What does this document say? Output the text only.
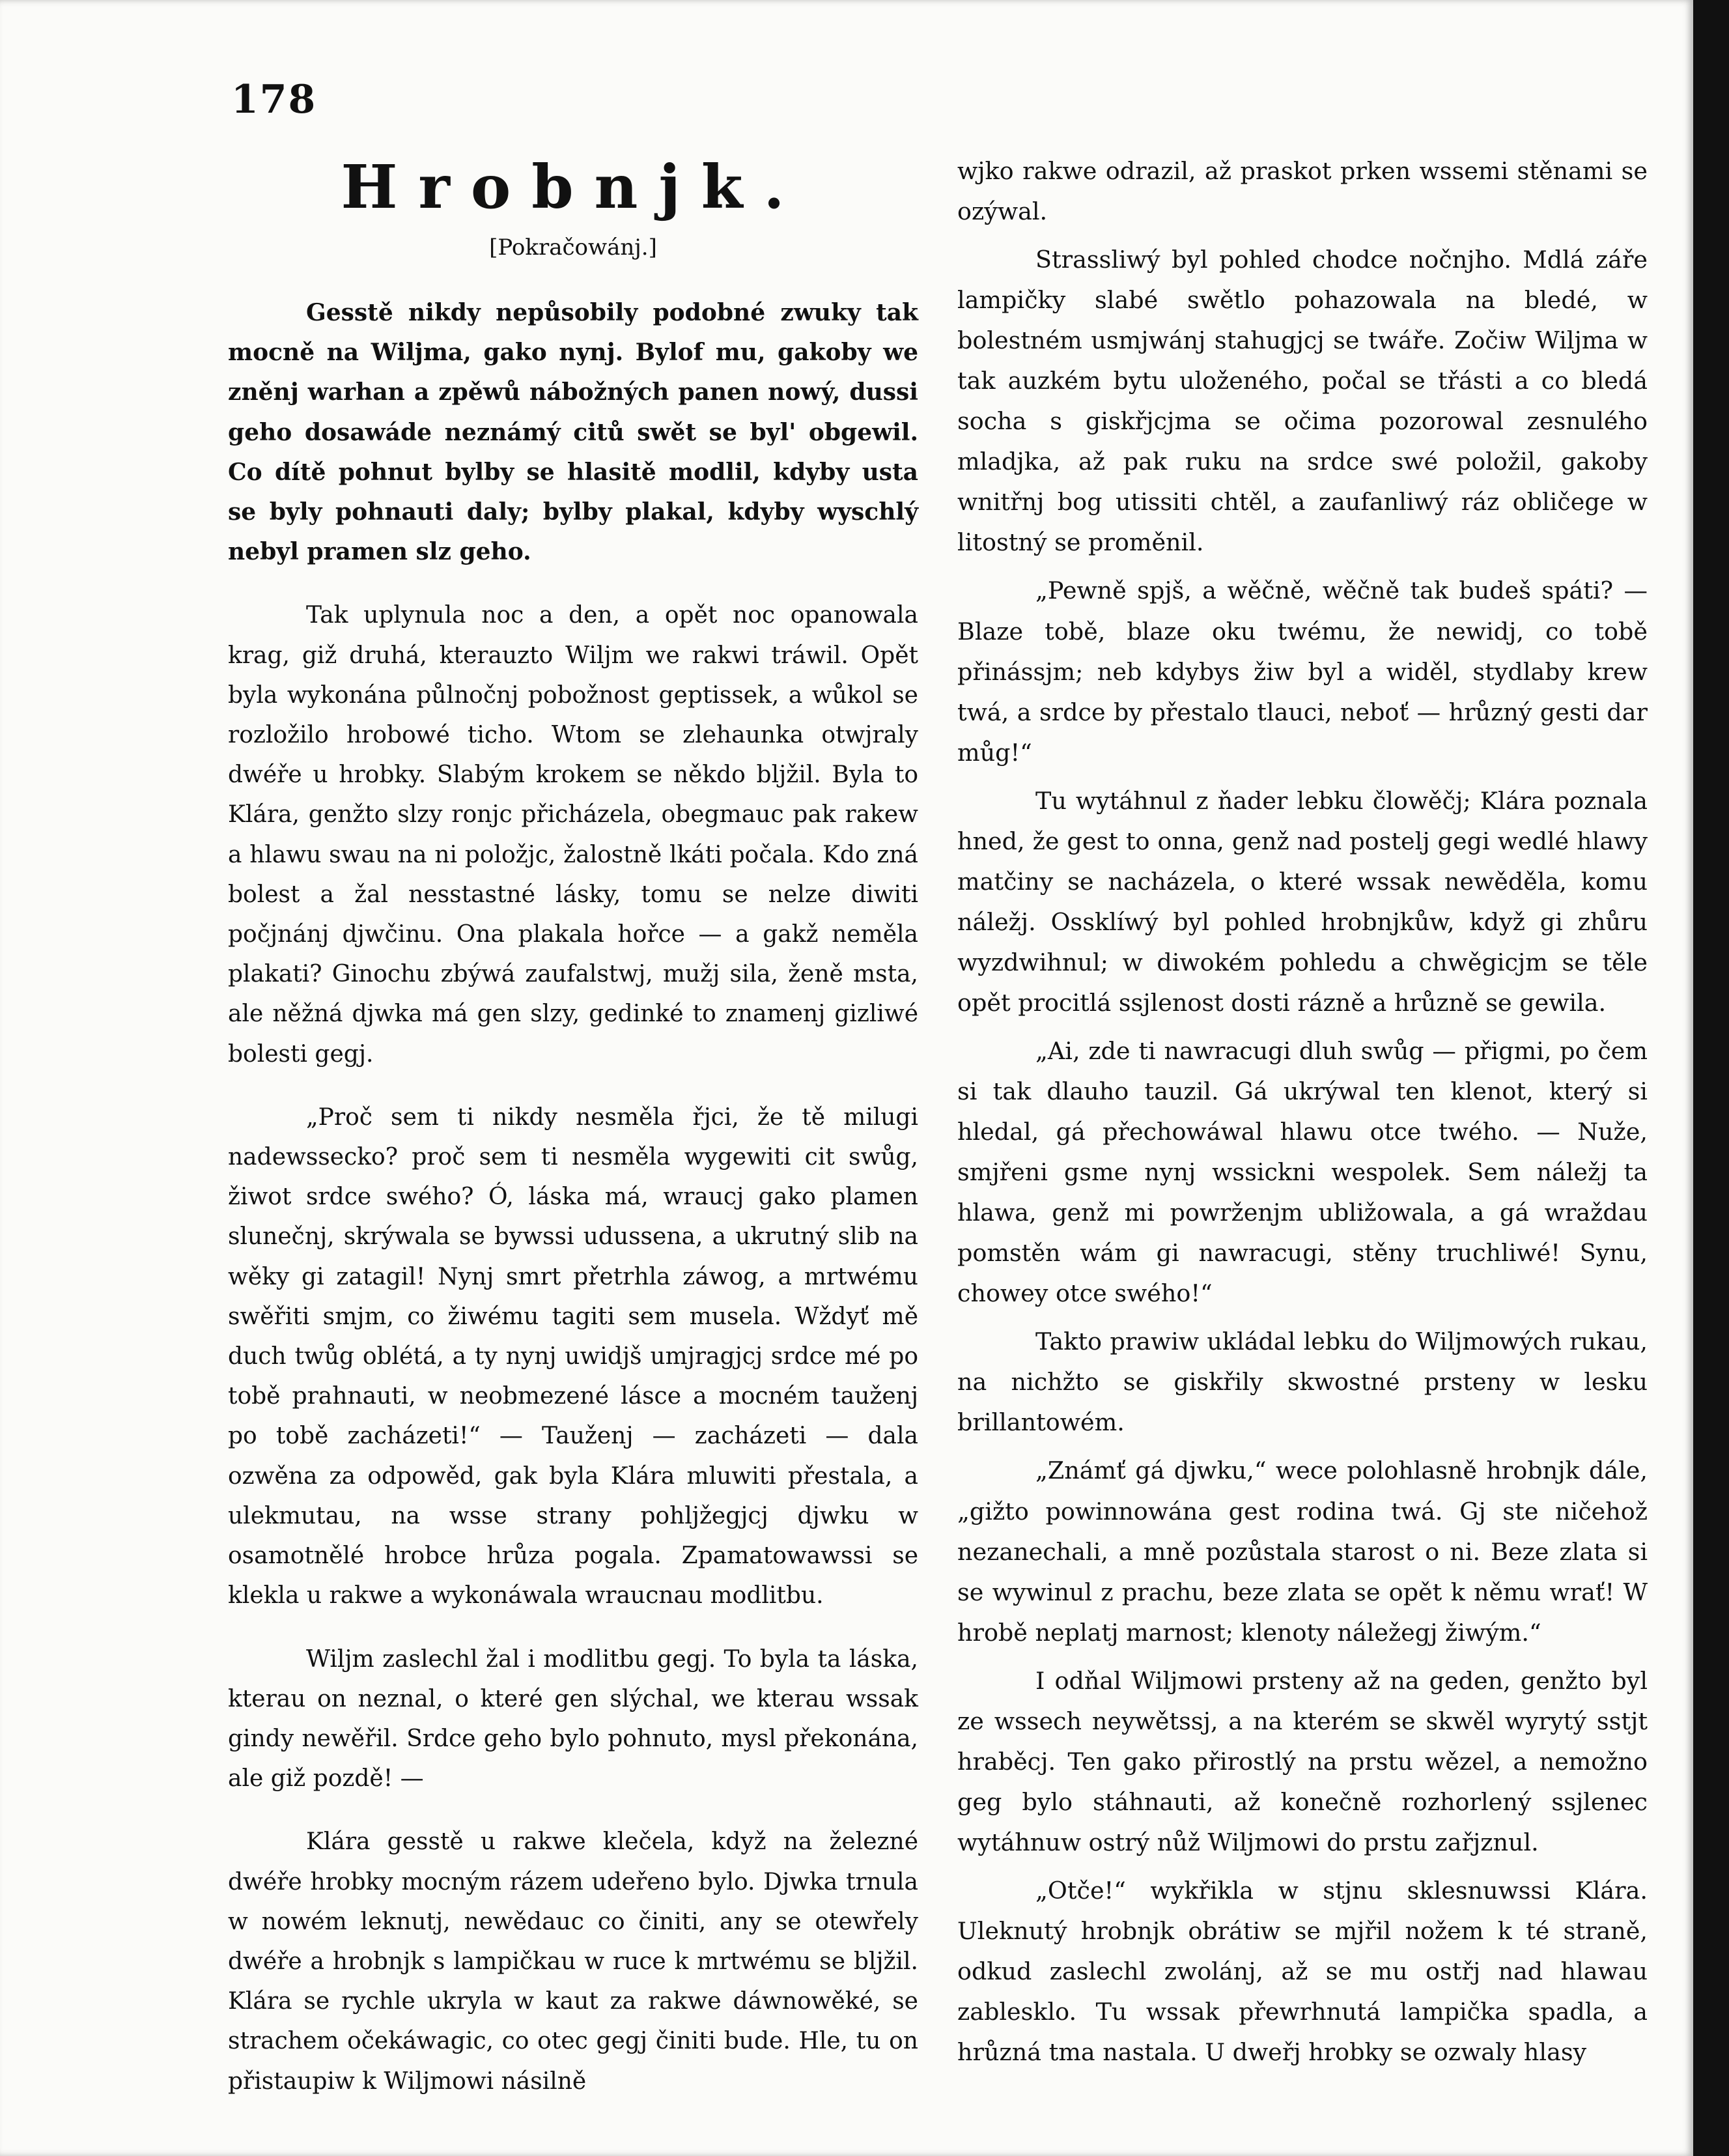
178
Hrobnjk.
[Pokračowánj.]

Gesstě nikdy nepůsobily podobné zwuky tak mocně na Wiljma, gako nynj. Bylof mu, gakoby we zněnj warhan a zpěwů nábožných panen nowý, dussi geho dosawáde neznámý citů swět se byl' obgewil. Co dítě pohnut bylby se hlasitě modlil, kdyby usta se byly pohnauti daly; bylby plakal, kdyby wyschlý nebyl pramen slz geho.

Tak uplynula noc a den, a opět noc opanowala krag, giž druhá, kterauzto Wiljm we rakwi tráwil. Opět byla wykonána půlnočnj pobožnost geptissek, a wůkol se rozložilo hrobowé ticho. Wtom se zlehaunka otwjraly dwéře u hrobky. Slabým krokem se někdo blјžil. Byla to Klára, genžto slzy ronjc přicházela, obegmauc pak rakew a hlawu swau na ni položjc, žalostně lkáti počala. Kdo zná bolest a žal nesstastné lásky, tomu se nelze diwiti počjnánj djwčinu. Ona plakala hořce — a gakž neměla plakati? Ginochu zbýwá zaufalstwj, mužj sila, ženě msta, ale něžná djwka má gen slzy, gedinké to znamenj gizliwé bolesti gegj.

„Proč sem ti nikdy nesměla řjci, že tě milugi nadewssecko? proč sem ti nesměla wygewiti cit swůg, žiwot srdce swého? Ó, láska má, wraucj gako plamen slunečnj, skrýwala se bywssi udussena, a ukrutný slib na wěky gi zatagil! Nynj smrt přetrhla záwog, a mrtwému swěřiti smjm, co žiwému tagiti sem musela. Wždyť mě duch twůg oblétá, a ty nynj uwidjš umjragjcj srdce mé po tobě prahnauti, w neobmezené lásce a mocném tauženj po tobě zacházeti!“ — Tauženj — zacházeti — dala ozwěna za odpowěd, gak byla Klára mluwiti přestala, a ulekmutau, na wsse strany pohljžegjcj djwku w osamotnělé hrobce hrůza pogala. Zpamatowawssi se klekla u rakwe a wykonáwala wraucnau modlitbu.

Wiljm zaslechl žal i modlitbu gegj. To byla ta láska, kterau on neznal, o které gen slýchal, we kterau wssak gindy newěřil. Srdce geho bylo pohnuto, mysl překonána, ale giž pozdě! —

Klára gesstě u rakwe klečela, když na železné dwéře hrobky mocným rázem udeřeno bylo. Djwka trnula w nowém leknutj, newědauc co činiti, any se otewřely dwéře a hrobnjk s lampičkau w ruce k mrtwému se blјžil. Klára se rychle ukryla w kaut za rakwe dáwnowěké, se strachem očekáwagic, co otec gegj činiti bude. Hle, tu on přistaupiw k Wiljmowi násilně

wjko rakwe odrazil, až praskot prken wssemi stěnami se ozýwal.

Strassliwý byl pohled chodce nočnjho. Mdlá záře lampičky slabé swětlo pohazowala na bledé, w bolestném usmjwánj stahugjcj se twáře. Zočiw Wiljma w tak auzkém bytu uloženého, počal se třásti a co bledá socha s giskřjcjma se očima pozorowal zesnulého mladjka, až pak ruku na srdce swé položil, gakoby wnitřnj bog utissiti chtěl, a zaufanliwý ráz obličege w litostný se proměnil.

„Pewně spjš, a wěčně, wěčně tak budeš spáti? — Blaze tobě, blaze oku twému, že newidj, co tobě přinássjm; neb kdybys žiw byl a widěl, stydlaby krew twá, a srdce by přestalo tlauci, neboť — hrůzný gesti dar můg!“

Tu wytáhnul z ňader lebku člowěčj; Klára poznala hned, že gest to onna, genž nad postelj gegi wedlé hlawy matčiny se nacházela, o které wssak newěděla, komu náležj. Ossklíwý byl pohled hrobnjkůw, když gi zhůru wyzdwihnul; w diwokém pohledu a chwěgicjm se těle opět procitlá ssjlenost dosti rázně a hrůzně se gewila.

„Ai, zde ti nawracugi dluh swůg — přigmi, po čem si tak dlauho tauzil. Gá ukrýwal ten klenot, který si hledal, gá přechowáwal hlawu otce twého. — Nuže, smjřeni gsme nynj wssicknі wespolek. Sem náležj ta hlawa, genž mi powrženjm ubližowala, a gá wraždau pomstěn wám gi nawracugi, stěny truchliwé! Synu, chowey otce swého!“

Takto prawiw ukládal lebku do Wiljmowých rukau, na nichžto se giskřily skwostné prsteny w lesku brillantowém.

„Známť gá djwku,“ wece polohlasně hrobnjk dále, „gižto powinnowána gest rodina twá. Gj ste ničehož nezanechali, a mně pozůstala starost o ni. Beze zlata si se wywinul z prachu, beze zlata se opět k němu wrať! W hrobě neplatj marnost; klenoty náležegj žiwým.“

I odňal Wiljmowi prsteny až na geden, genžto byl ze wssech neywětssj, a na kterém se skwěl wyrytý sstjt hraběcj. Ten gako přirostlý na prstu wězel, a nemožno geg bylo stáhnauti, až konečně rozhorlený ssjlenec wytáhnuw ostrý nůž Wiljmowi do prstu zařjznul.

„Otče!“ wykřikla w stjnu sklesnuwssi Klára. Uleknutý hrobnjk obrátiw se mjřil nožem k té straně, odkud zaslechl zwolánj, až se mu ostřj nad hlawau zablesklo. Tu wssak přewrhnutá lampička spadla, a hrůzná tma nastala. U dweřj hrobky se ozwaly hlasy
